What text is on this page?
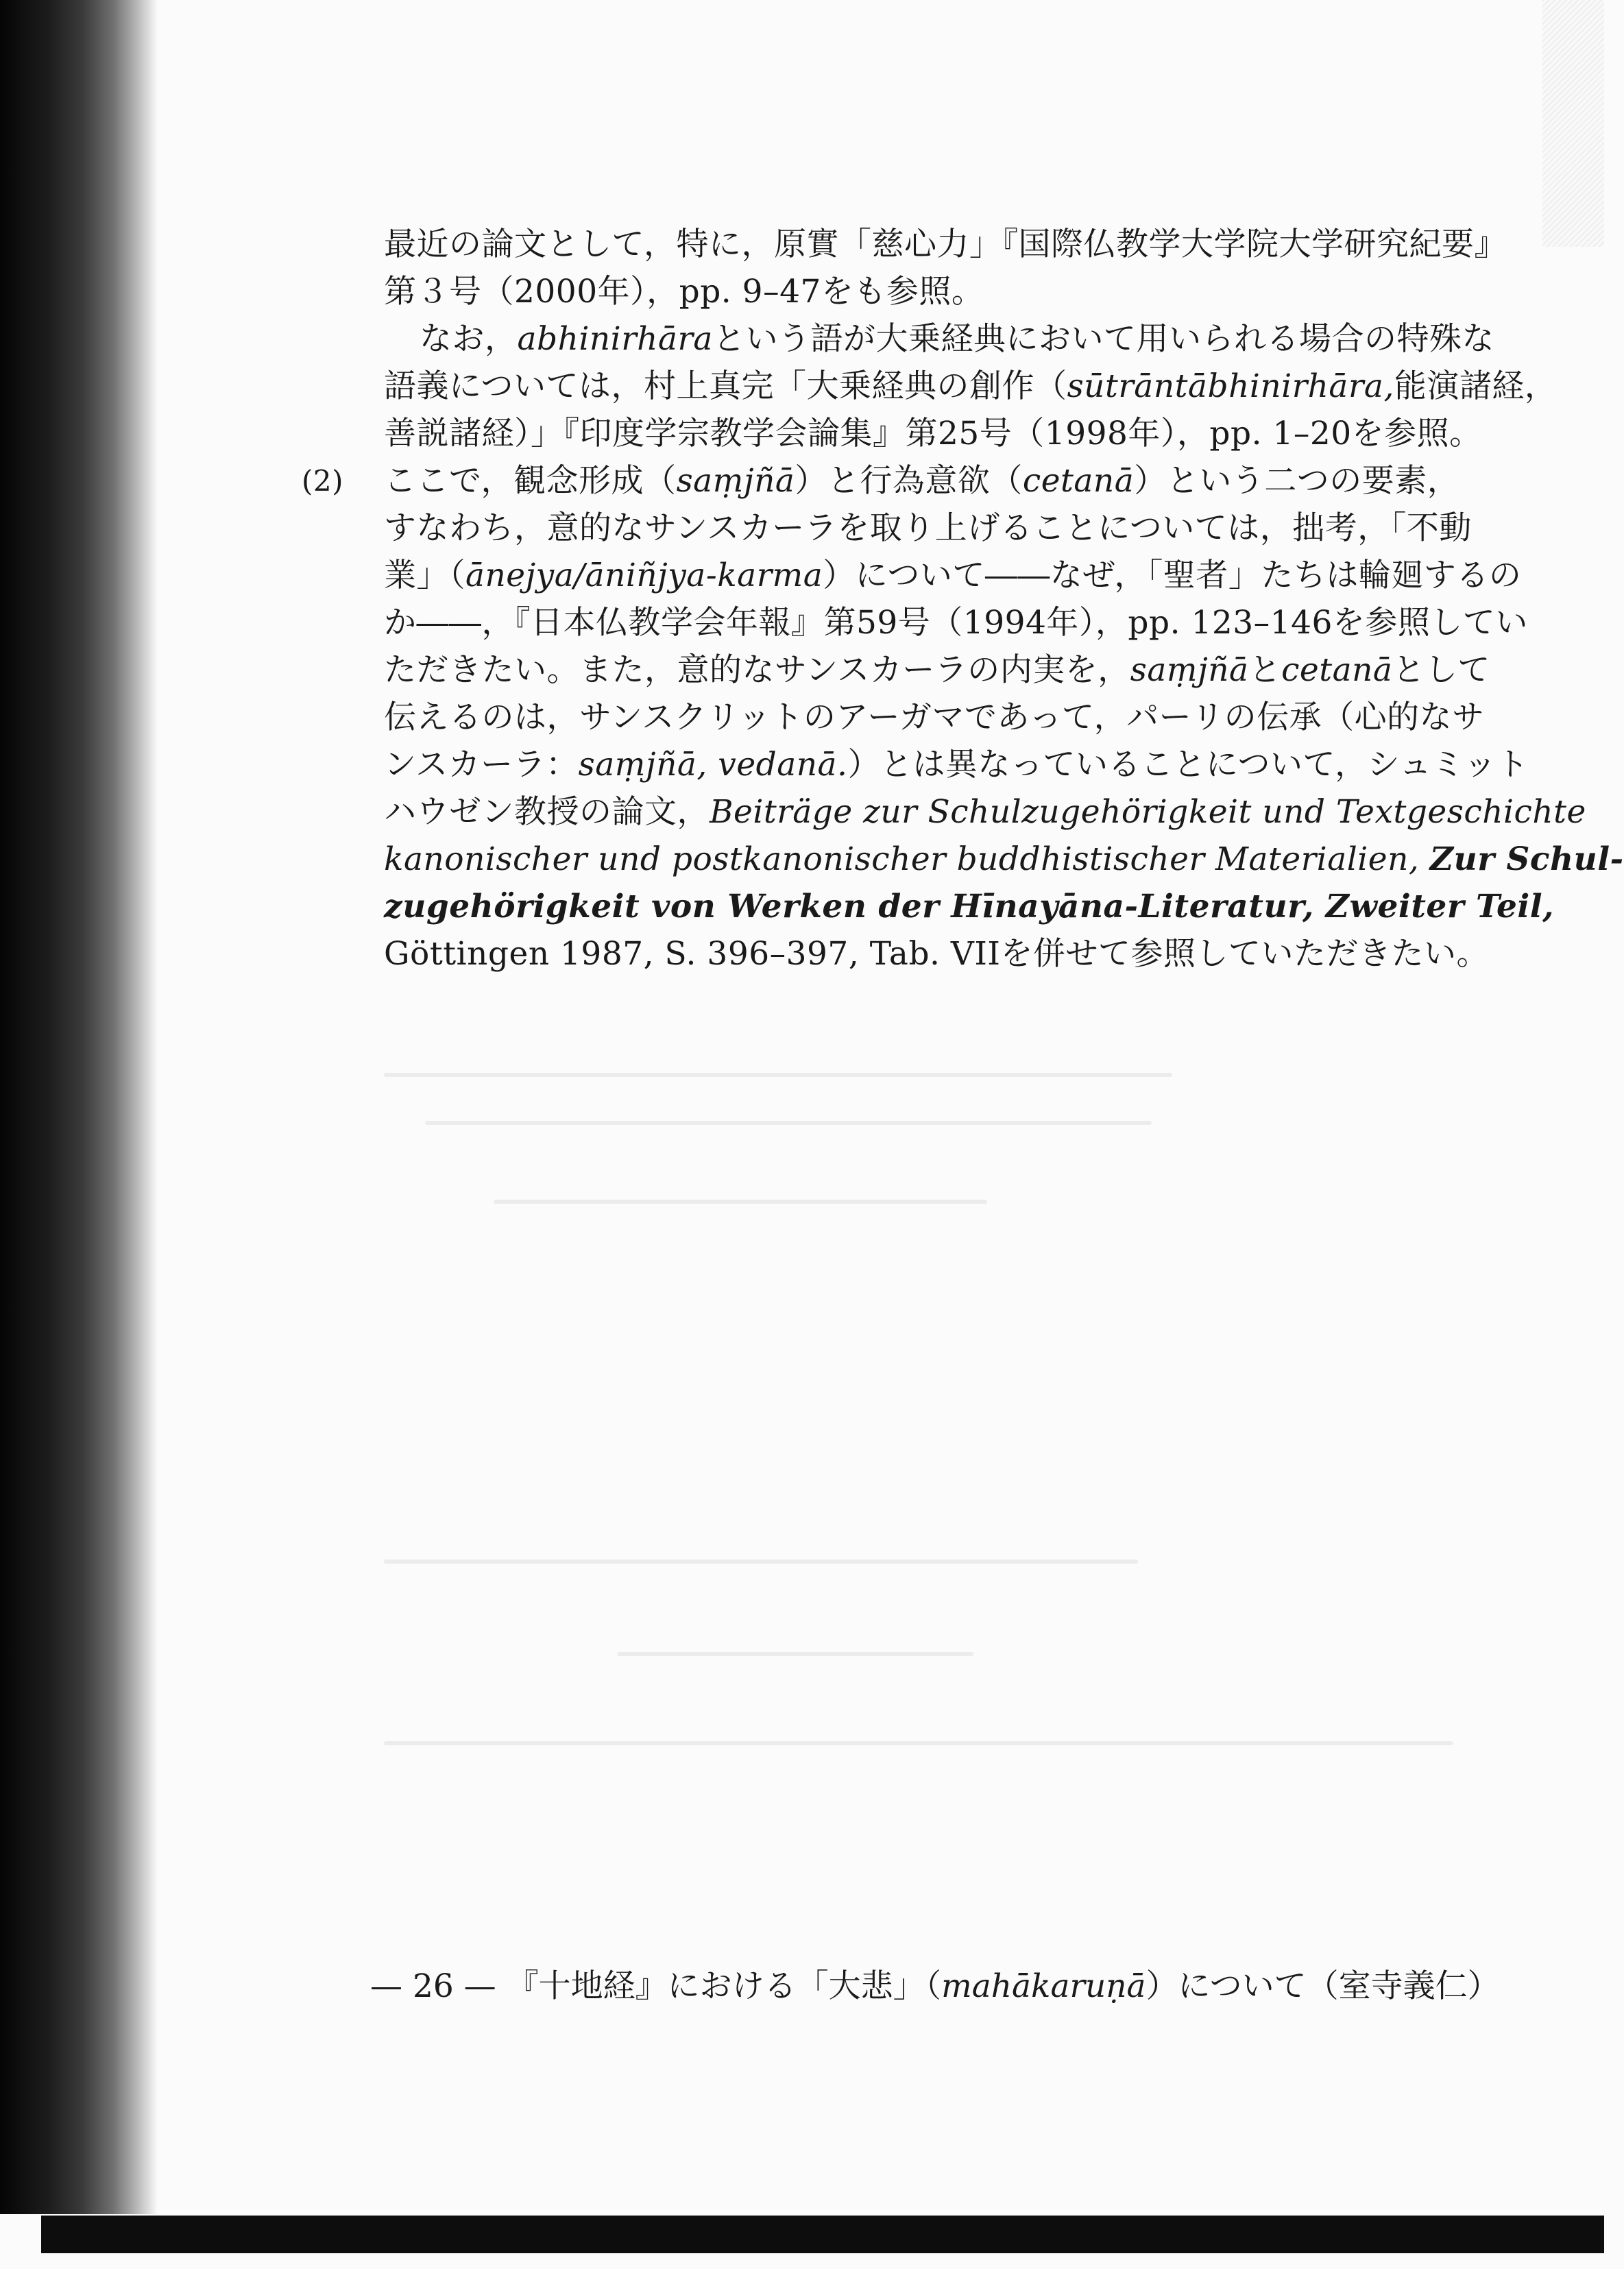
最近の論文として，特に，原實「慈心力」『国際仏教学大学院大学研究紀要』
第３号（2000年），pp. 9–47をも参照。
なお，abhinirhāraという語が大乗経典において用いられる場合の特殊な
語義については，村上真完「大乗経典の創作（sūtrāntābhinirhāra,能演諸経，
善説諸経）」『印度学宗教学会論集』第25号（1998年），pp. 1–20を参照。
(2) ここで，観念形成（saṃjñā）と行為意欲（cetanā）という二つの要素，
すなわち，意的なサンスカーラを取り上げることについては，拙考，「不動
業」（ānejya/āniñjya-karma）について――なぜ，「聖者」たちは輪廻するの
か――，『日本仏教学会年報』第59号（1994年），pp. 123–146を参照してい
ただきたい。また，意的なサンスカーラの内実を，saṃjñāとcetanāとして
伝えるのは，サンスクリットのアーガマであって，パーリの伝承（心的なサ
ンスカーラ：saṃjñā, vedanā.）とは異なっていることについて，シュミット
ハウゼン教授の論文，Beiträge zur Schulzugehörigkeit und Textgeschichte
kanonischer und postkanonischer buddhistischer Materialien, Zur Schul-
zugehörigkeit von Werken der Hīnayāna-Literatur, Zweiter Teil,
Göttingen 1987, S. 396–397, Tab. VIIを併せて参照していただきたい。
— 26 — 『十地経』における「大悲」（mahākaruṇā）について（室寺義仁）
